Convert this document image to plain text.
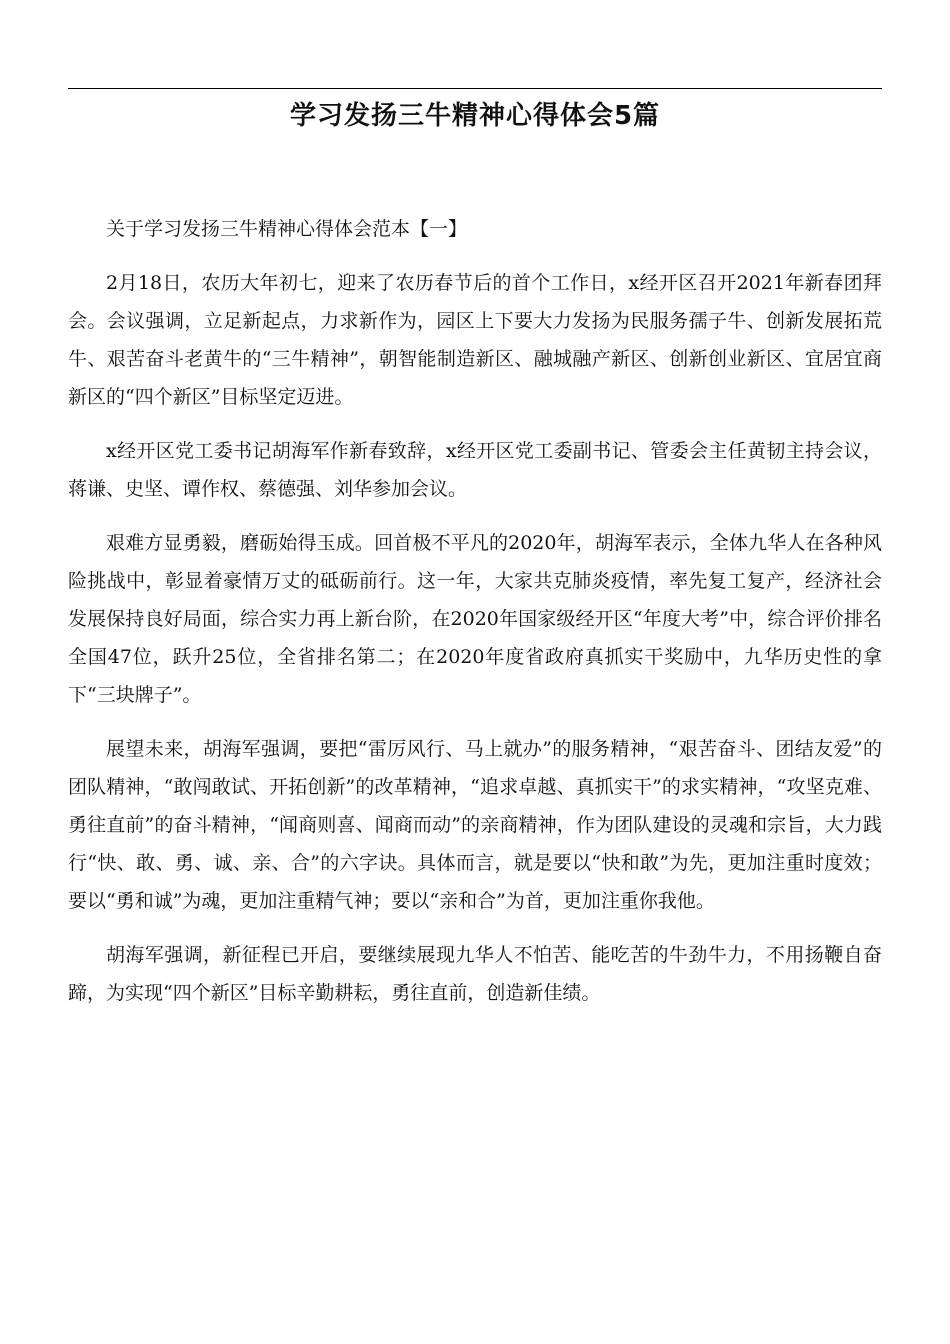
学习发扬三牛精神心得体会5篇

关于学习发扬三牛精神心得体会范本【一】

2月18日，农历大年初七，迎来了农历春节后的首个工作日，x经开区召开2021年新春团拜会。会议强调，立足新起点，力求新作为，园区上下要大力发扬为民服务孺子牛、创新发展拓荒牛、艰苦奋斗老黄牛的“三牛精神”，朝智能制造新区、融城融产新区、创新创业新区、宜居宜商新区的“四个新区”目标坚定迈进。

x经开区党工委书记胡海军作新春致辞，x经开区党工委副书记、管委会主任黄韧主持会议，蒋谦、史坚、谭作权、蔡德强、刘华参加会议。

艰难方显勇毅，磨砺始得玉成。回首极不平凡的2020年，胡海军表示，全体九华人在各种风险挑战中，彰显着豪情万丈的砥砺前行。这一年，大家共克肺炎疫情，率先复工复产，经济社会发展保持良好局面，综合实力再上新台阶，在2020年国家级经开区“年度大考”中，综合评价排名全国47位，跃升25位，全省排名第二；在2020年度省政府真抓实干奖励中，九华历史性的拿下“三块牌子”。

展望未来，胡海军强调，要把“雷厉风行、马上就办”的服务精神，“艰苦奋斗、团结友爱”的团队精神，“敢闯敢试、开拓创新”的改革精神，“追求卓越、真抓实干”的求实精神，“攻坚克难、勇往直前”的奋斗精神，“闻商则喜、闻商而动”的亲商精神，作为团队建设的灵魂和宗旨，大力践行“快、敢、勇、诚、亲、合”的六字诀。具体而言，就是要以“快和敢”为先，更加注重时度效；要以“勇和诚”为魂，更加注重精气神；要以“亲和合”为首，更加注重你我他。

胡海军强调，新征程已开启，要继续展现九华人不怕苦、能吃苦的牛劲牛力，不用扬鞭自奋蹄，为实现“四个新区”目标辛勤耕耘，勇往直前，创造新佳绩。
